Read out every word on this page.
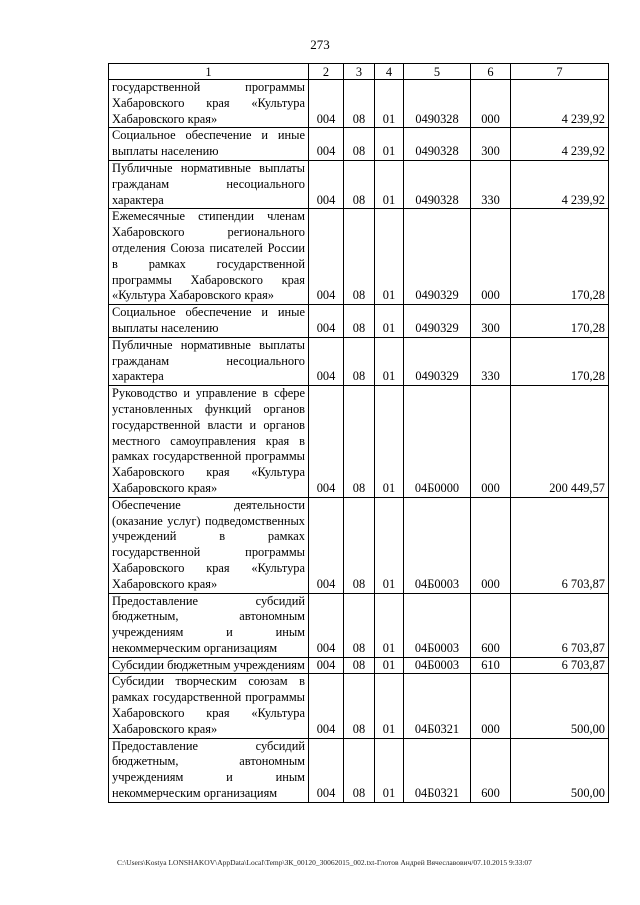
273
1	2	3	4	5	6	7
государственной программы Хабаровского края «Культура Хабаровского края»	004	08	01	0490328	000	4 239,92
Социальное обеспечение и иные выплаты населению	004	08	01	0490328	300	4 239,92
Публичные нормативные выплаты гражданам несоциального характера	004	08	01	0490328	330	4 239,92
Ежемесячные стипендии членам Хабаровского регионального отделения Союза писателей России в рамках государственной программы Хабаровского края «Культура Хабаровского края»	004	08	01	0490329	000	170,28
Социальное обеспечение и иные выплаты населению	004	08	01	0490329	300	170,28
Публичные нормативные выплаты гражданам несоциального характера	004	08	01	0490329	330	170,28
Руководство и управление в сфере установленных функций органов государственной власти и органов местного самоуправления края в рамках государственной программы Хабаровского края «Культура Хабаровского края»	004	08	01	04Б0000	000	200 449,57
Обеспечение деятельности (оказание услуг) подведомственных учреждений в рамках государственной программы Хабаровского края «Культура Хабаровского края»	004	08	01	04Б0003	000	6 703,87
Предоставление субсидий бюджетным, автономным учреждениям и иным некоммерческим организациям	004	08	01	04Б0003	600	6 703,87
Субсидии бюджетным учреждениям	004	08	01	04Б0003	610	6 703,87
Субсидии творческим союзам в рамках государственной программы Хабаровского края «Культура Хабаровского края»	004	08	01	04Б0321	000	500,00
Предоставление субсидий бюджетным, автономным учреждениям и иным некоммерческим организациям	004	08	01	04Б0321	600	500,00
C:\Users\Kostya LONSHAKOV\AppData\Local\Temp\ЗК_00120_30062015_002.txt-Глотов Андрей Вячеславович/07.10.2015 9:33:07
